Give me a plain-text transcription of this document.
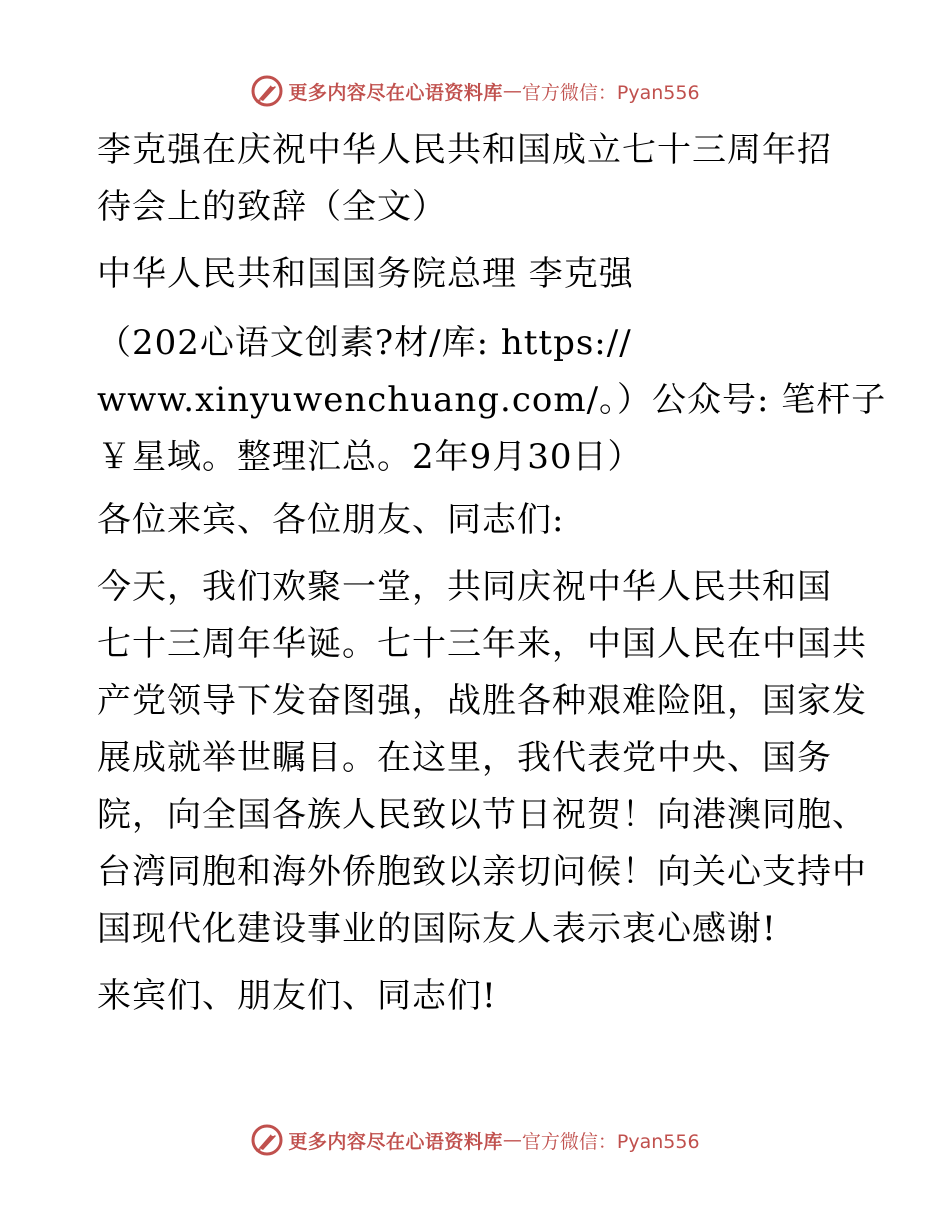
更多内容尽在心语资料库 — 官方微信：Pyan556

李克强在庆祝中华人民共和国成立七十三周年招
待会上的致辞（全文）

中华人民共和国国务院总理 李克强

（202心语文创素?材/库: https://
www.xinyuwenchuang.com/。）公众号: 笔杆子
￥星域。整理汇总。2年9月30日）

各位来宾、各位朋友、同志们:

今天，我们欢聚一堂，共同庆祝中华人民共和国
七十三周年华诞。七十三年来，中国人民在中国共
产党领导下发奋图强，战胜各种艰难险阻，国家发
展成就举世瞩目。在这里，我代表党中央、国务
院，向全国各族人民致以节日祝贺！向港澳同胞、
台湾同胞和海外侨胞致以亲切问候！向关心支持中
国现代化建设事业的国际友人表示衷心感谢!

来宾们、朋友们、同志们!

更多内容尽在心语资料库 — 官方微信：Pyan556
